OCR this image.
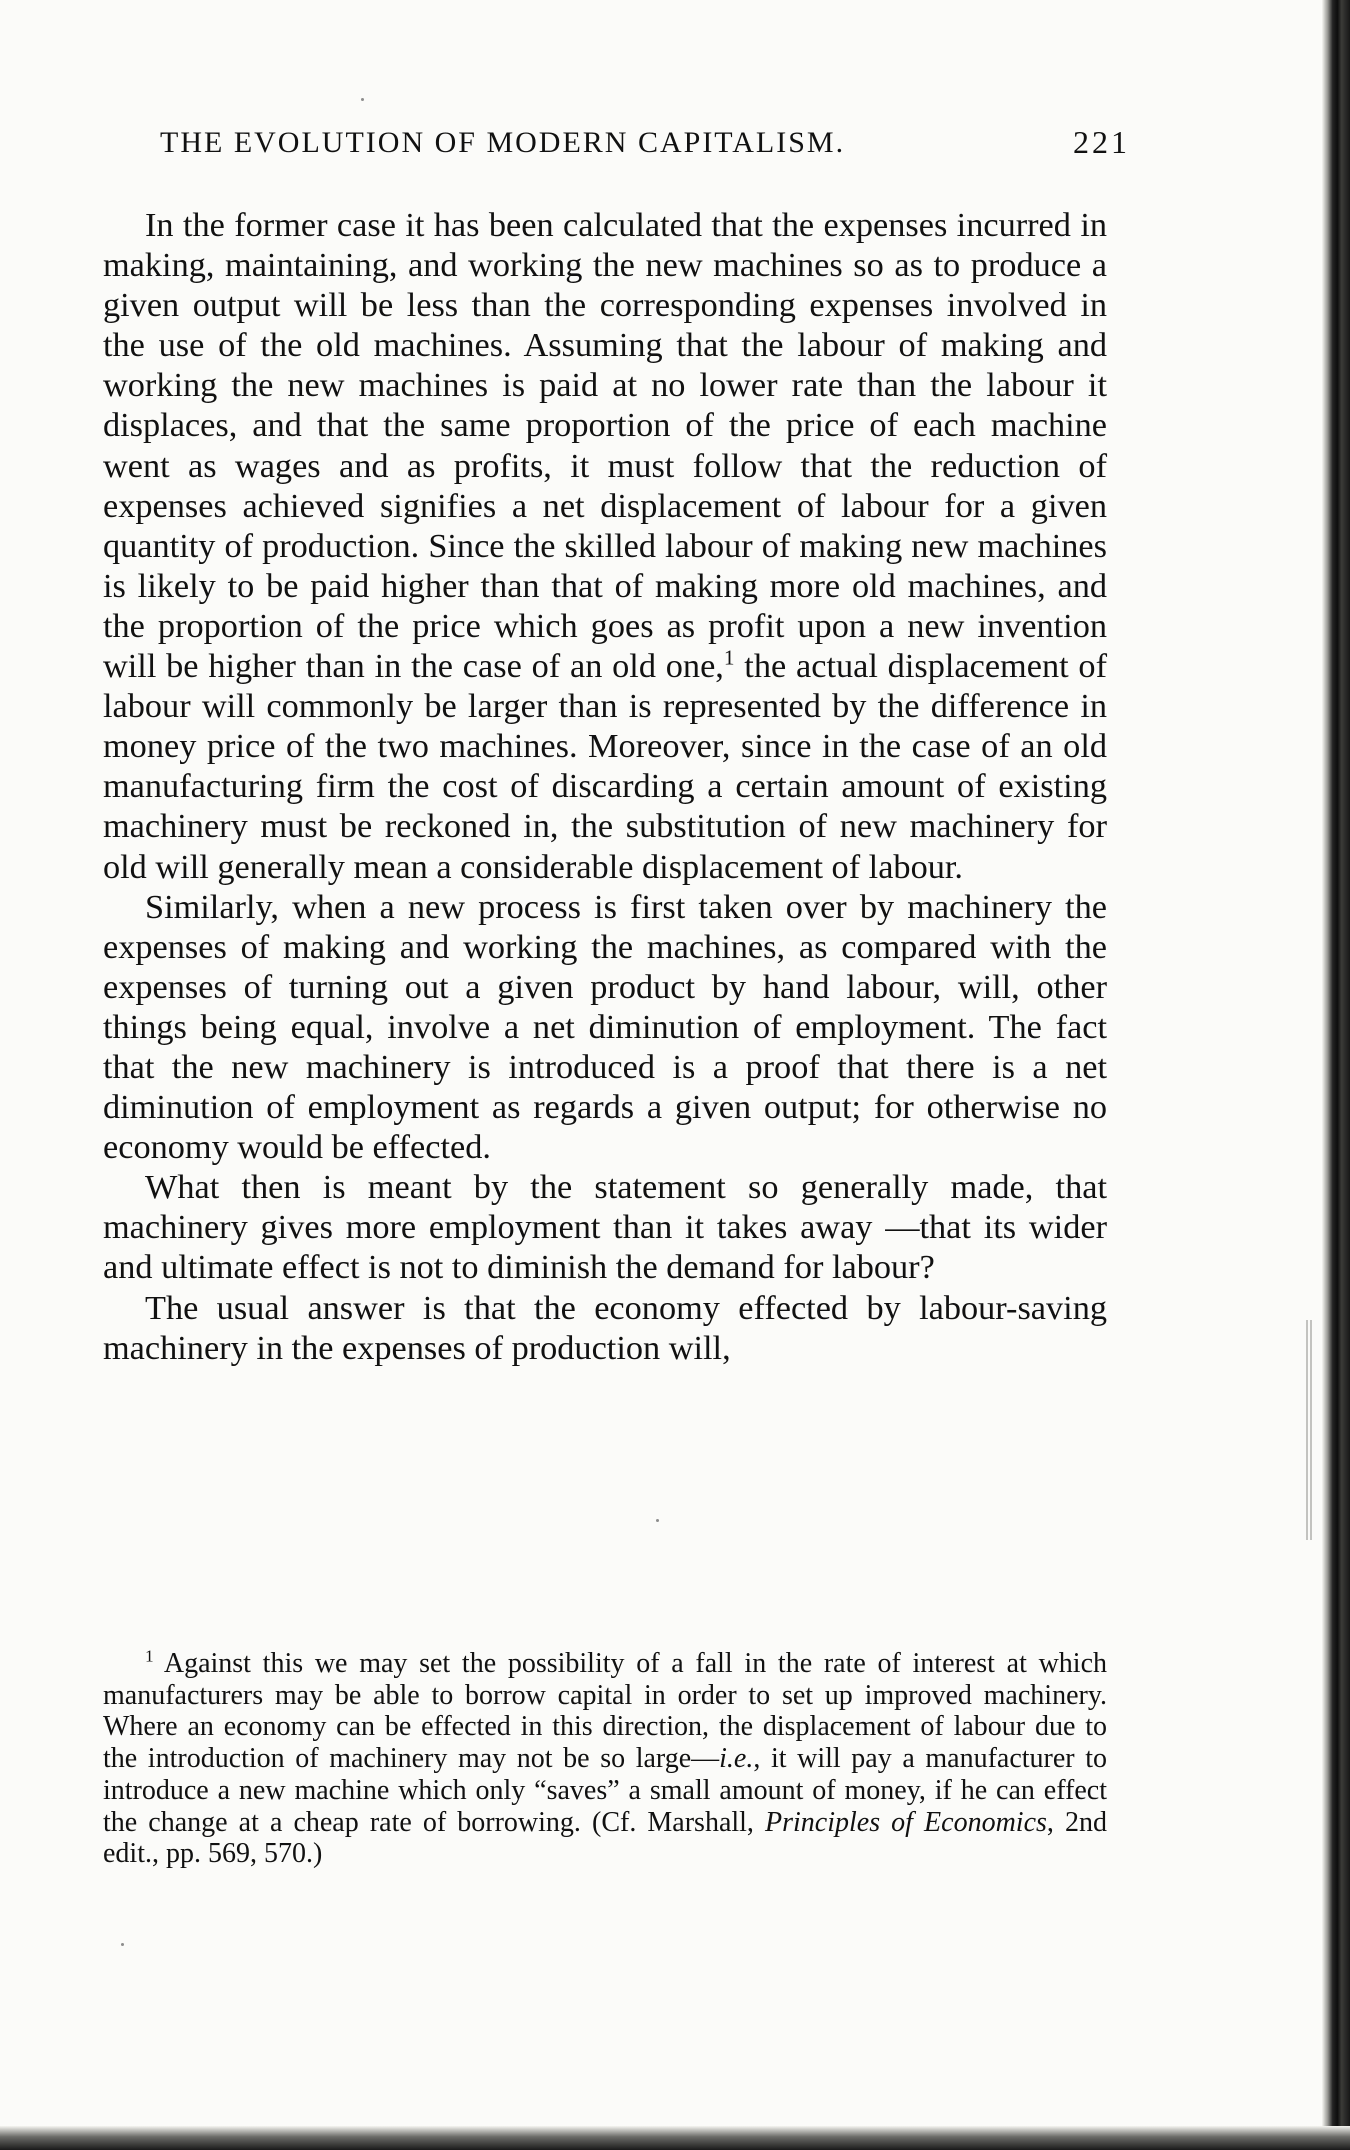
THE EVOLUTION OF MODERN CAPITALISM.	221

In the former case it has been calculated that the expenses incurred in making, maintaining, and working the new machines so as to produce a given output will be less than the corresponding expenses involved in the use of the old machines. Assuming that the labour of making and working the new machines is paid at no lower rate than the labour it displaces, and that the same proportion of the price of each machine went as wages and as profits, it must follow that the reduction of expenses achieved signifies a net displacement of labour for a given quantity of production. Since the skilled labour of making new machines is likely to be paid higher than that of making more old machines, and the proportion of the price which goes as profit upon a new invention will be higher than in the case of an old one,$^1$ the actual displacement of labour will commonly be larger than is represented by the difference in money price of the two machines. Moreover, since in the case of an old manufacturing firm the cost of discarding a certain amount of existing machinery must be reckoned in, the substitution of new machinery for old will generally mean a considerable displacement of labour.

Similarly, when a new process is first taken over by machinery the expenses of making and working the machines, as compared with the expenses of turning out a given product by hand labour, will, other things being equal, involve a net diminution of employment. The fact that the new machinery is introduced is a proof that there is a net diminution of employment as regards a given output; for otherwise no economy would be effected.

What then is meant by the statement so generally made, that machinery gives more employment than it takes away —that its wider and ultimate effect is not to diminish the demand for labour?

The usual answer is that the economy effected by labour-saving machinery in the expenses of production will,

$^1$ Against this we may set the possibility of a fall in the rate of interest at which manufacturers may be able to borrow capital in order to set up improved machinery. Where an economy can be effected in this direction, the displacement of labour due to the introduction of machinery may not be so large—i.e., it will pay a manufacturer to introduce a new machine which only “saves” a small amount of money, if he can effect the change at a cheap rate of borrowing. (Cf. Marshall, Principles of Economics, 2nd edit., pp. 569, 570.)
